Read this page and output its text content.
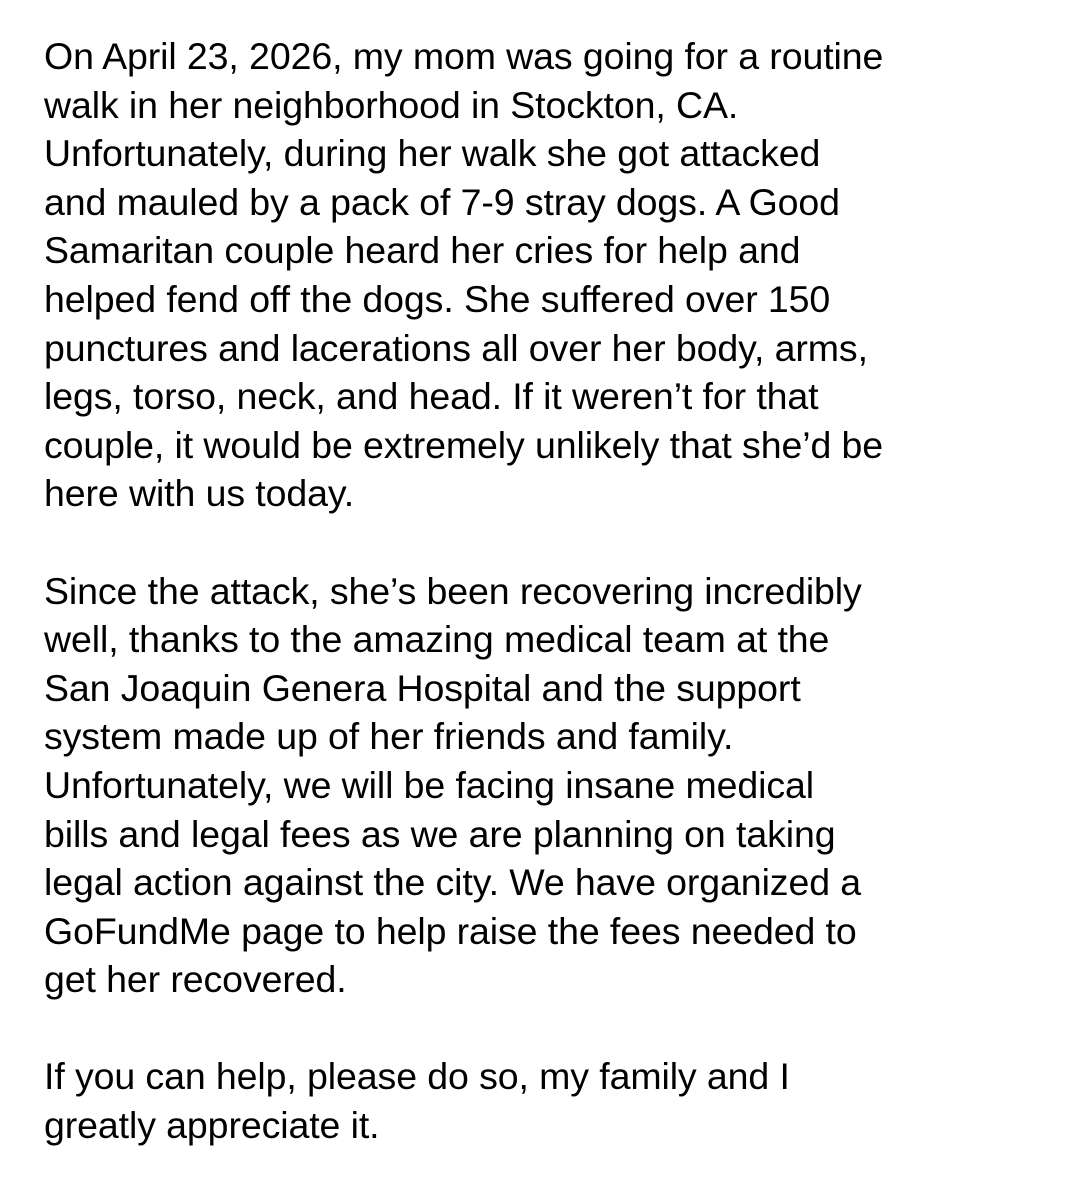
On April 23, 2026, my mom was going for a routine
walk in her neighborhood in Stockton, CA.
Unfortunately, during her walk she got attacked
and mauled by a pack of 7-9 stray dogs. A Good
Samaritan couple heard her cries for help and
helped fend off the dogs. She suffered over 150
punctures and lacerations all over her body, arms,
legs, torso, neck, and head. If it weren’t for that
couple, it would be extremely unlikely that she’d be
here with us today.

Since the attack, she’s been recovering incredibly
well, thanks to the amazing medical team at the
San Joaquin Genera Hospital and the support
system made up of her friends and family.
Unfortunately, we will be facing insane medical
bills and legal fees as we are planning on taking
legal action against the city. We have organized a
GoFundMe page to help raise the fees needed to
get her recovered.

If you can help, please do so, my family and I
greatly appreciate it.
